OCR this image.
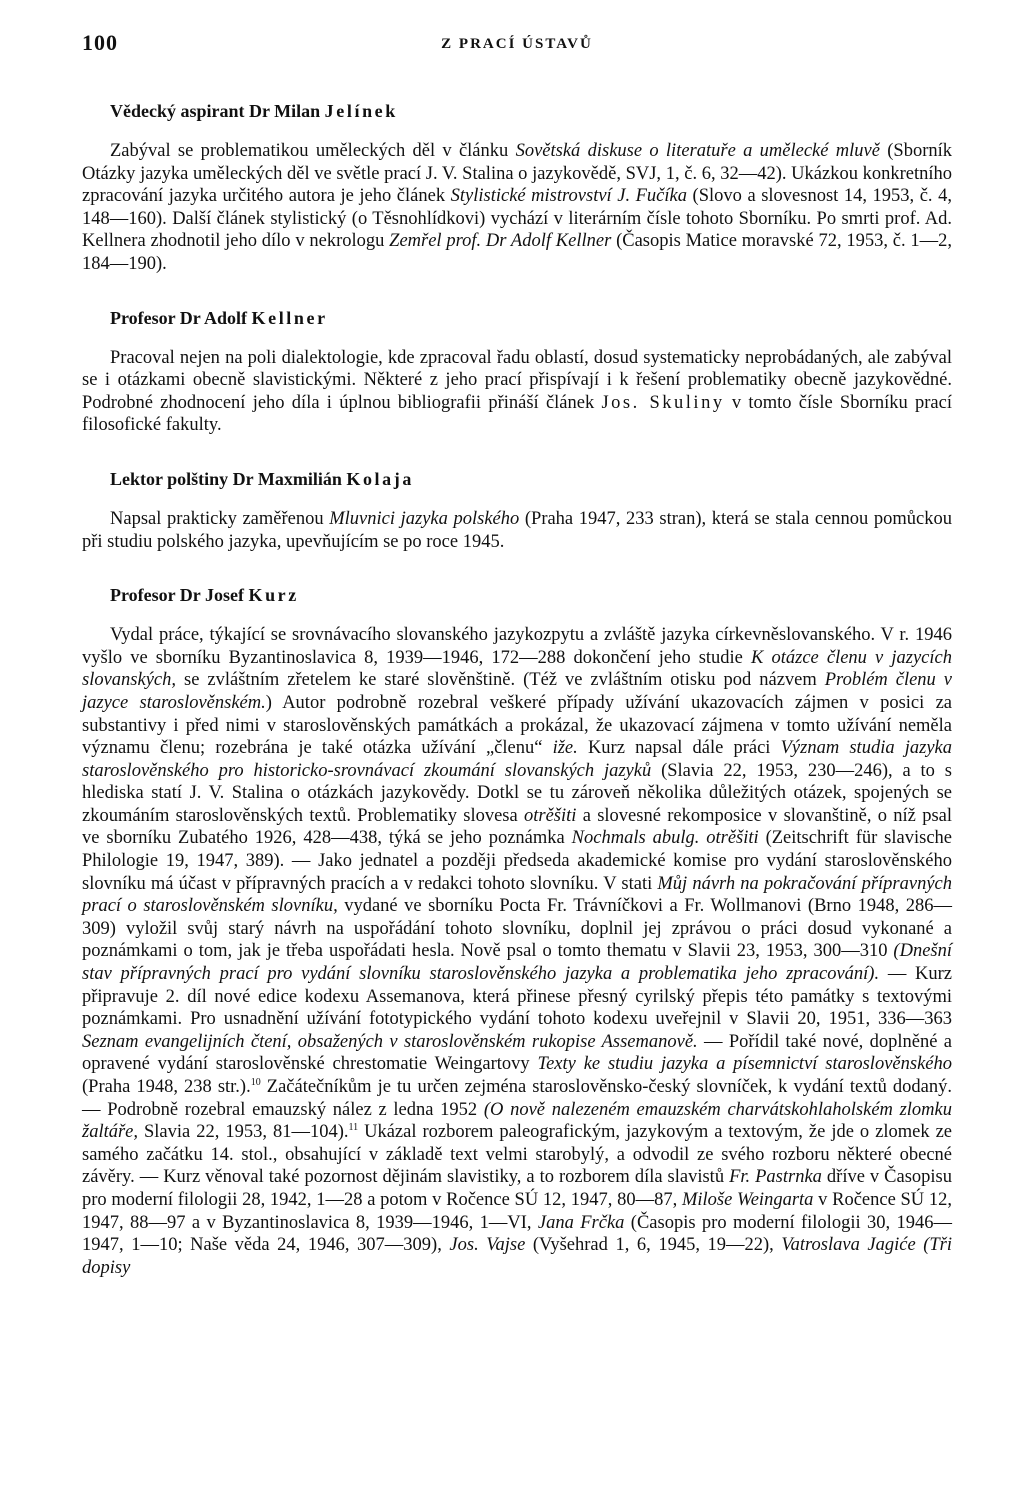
100	Z PRACÍ ÚSTAVŮ
Vědecký aspirant Dr Milan Jelínek

Zabýval se problematikou uměleckých děl v článku Sovětská diskuse o literatuře a umělecké mluvě (Sborník Otázky jazyka uměleckých děl ve světle prací J. V. Stalina o jazykovědě, SVJ, 1, č. 6, 32—42). Ukázkou konkretního zpracování jazyka určitého autora je jeho článek Stylistické mistrovství J. Fučíka (Slovo a slovesnost 14, 1953, č. 4, 148—160). Další článek stylistický (o Těsnohlídkovi) vychází v literárním čísle tohoto Sborníku. Po smrti prof. Ad. Kellnera zhodnotil jeho dílo v nekrologu Zemřel prof. Dr Adolf Kellner (Časopis Matice moravské 72, 1953, č. 1—2, 184—190).

Profesor Dr Adolf Kellner

Pracoval nejen na poli dialektologie, kde zpracoval řadu oblastí, dosud systematicky neprobádaných, ale zabýval se i otázkami obecně slavistickými. Některé z jeho prací přispívají i k řešení problematiky obecně jazykovědné. Podrobné zhodnocení jeho díla i úplnou bibliografii přináší článek Jos. Skuliny v tomto čísle Sborníku prací filosofické fakulty.

Lektor polštiny Dr Maxmilián Kolaja

Napsal prakticky zaměřenou Mluvnici jazyka polského (Praha 1947, 233 stran), která se stala cennou pomůckou při studiu polského jazyka, upevňujícím se po roce 1945.

Profesor Dr Josef Kurz

Vydal práce, týkající se srovnávacího slovanského jazykozpytu a zvláště jazyka církevněslovanského. V r. 1946 vyšlo ve sborníku Byzantinoslavica 8, 1939—1946, 172—288 dokončení jeho studie K otázce členu v jazycích slovanských, se zvláštním zřetelem ke staré slověnštině. (Též ve zvláštním otisku pod názvem Problém členu v jazyce staroslověnském.) Autor podrobně rozebral veškeré případy užívání ukazovacích zájmen v posici za substantivy i před nimi v staroslověnských památkách a prokázal, že ukazovací zájmena v tomto užívání neměla významu členu; rozebrána je také otázka užívání „členu“ iže. Kurz napsal dále práci Význam studia jazyka staroslověnského pro historicko-srovnávací zkoumání slovanských jazyků (Slavia 22, 1953, 230—246), a to s hlediska statí J. V. Stalina o otázkách jazykovědy. Dotkl se tu zároveň několika důležitých otázek, spojených se zkoumáním staroslověnských textů. Problematiky slovesa otrěšiti a slovesné rekomposice v slovanštině, o níž psal ve sborníku Zubatého 1926, 428—438, týká se jeho poznámka Nochmals abulg. otrěšiti (Zeitschrift für slavische Philologie 19, 1947, 389). — Jako jednatel a později předseda akademické komise pro vydání staroslověnského slovníku má účast v přípravných pracích a v redakci tohoto slovníku. V stati Můj návrh na pokračování přípravných prací o staroslověnském slovníku, vydané ve sborníku Pocta Fr. Trávníčkovi a Fr. Wollmanovi (Brno 1948, 286—309) vyložil svůj starý návrh na uspořádání tohoto slovníku, doplnil jej zprávou o práci dosud vykonané a poznámkami o tom, jak je třeba uspořádati hesla. Nově psal o tomto thematu v Slavii 23, 1953, 300—310 (Dnešní stav přípravných prací pro vydání slovníku staroslověnského jazyka a problematika jeho zpracování). — Kurz připravuje 2. díl nové edice kodexu Assemanova, která přinese přesný cyrilský přepis této památky s textovými poznámkami. Pro usnadnění užívání fototypického vydání tohoto kodexu uveřejnil v Slavii 20, 1951, 336—363 Seznam evangelijních čtení, obsažených v staroslověnském rukopise Assemanově. — Pořídil také nové, doplněné a opravené vydání staroslověnské chrestomatie Weingartovy Texty ke studiu jazyka a písemnictví staroslověnského (Praha 1948, 238 str.).$^{10}$ Začátečníkům je tu určen zejména staroslověnsko-český slovníček, k vydání textů dodaný. — Podrobně rozebral emauzský nález z ledna 1952 (O nově nalezeném emauzském charvátskohlaholském zlomku žaltáře, Slavia 22, 1953, 81—104).$^{11}$ Ukázal rozborem paleografickým, jazykovým a textovým, že jde o zlomek ze samého začátku 14. stol., obsahující v základě text velmi starobylý, a odvodil ze svého rozboru některé obecné závěry. — Kurz věnoval také pozornost dějinám slavistiky, a to rozborem díla slavistů Fr. Pastrnka dříve v Časopisu pro moderní filologii 28, 1942, 1—28 a potom v Ročence SÚ 12, 1947, 80—87, Miloše Weingarta v Ročence SÚ 12, 1947, 88—97 a v Byzantinoslavica 8, 1939—1946, 1—VI, Jana Frčka (Časopis pro moderní filologii 30, 1946—1947, 1—10; Naše věda 24, 1946, 307—309), Jos. Vajse (Vyšehrad 1, 6, 1945, 19—22), Vatroslava Jagiće (Tři dopisy
